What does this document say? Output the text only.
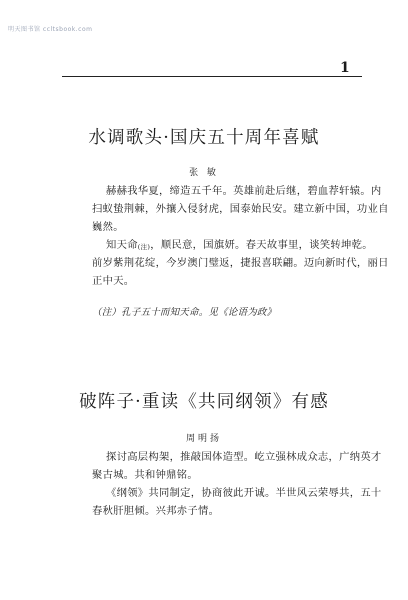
明天图书馆 ccltsbook.com
1
水调歌头·国庆五十周年喜赋
张 敏
赫赫我华夏，缔造五千年。英雄前赴后继，碧血荐轩辕。内
扫蚁蛰荆棘，外攘入侵豺虎，国泰始民安。建立新中国，功业自
巍然。
知天命$_{(注)}$，顺民意，国旗妍。春天故事里，谈笑转坤乾。
前岁紫荆花绽，今岁澳门璧返，捷报喜联翩。迈向新时代，丽日
正中天。
（注）孔子五十而知天命。见《论语为政》
破阵子·重读《共同纲领》有感
周明扬
探讨高层构架，推敲国体造型。屹立强林成众志，广纳英才
聚古城。共和钟鼎铭。
《纲领》共同制定，协商彼此开诚。半世风云荣辱共，五十
春秋肝胆倾。兴邦赤子情。
